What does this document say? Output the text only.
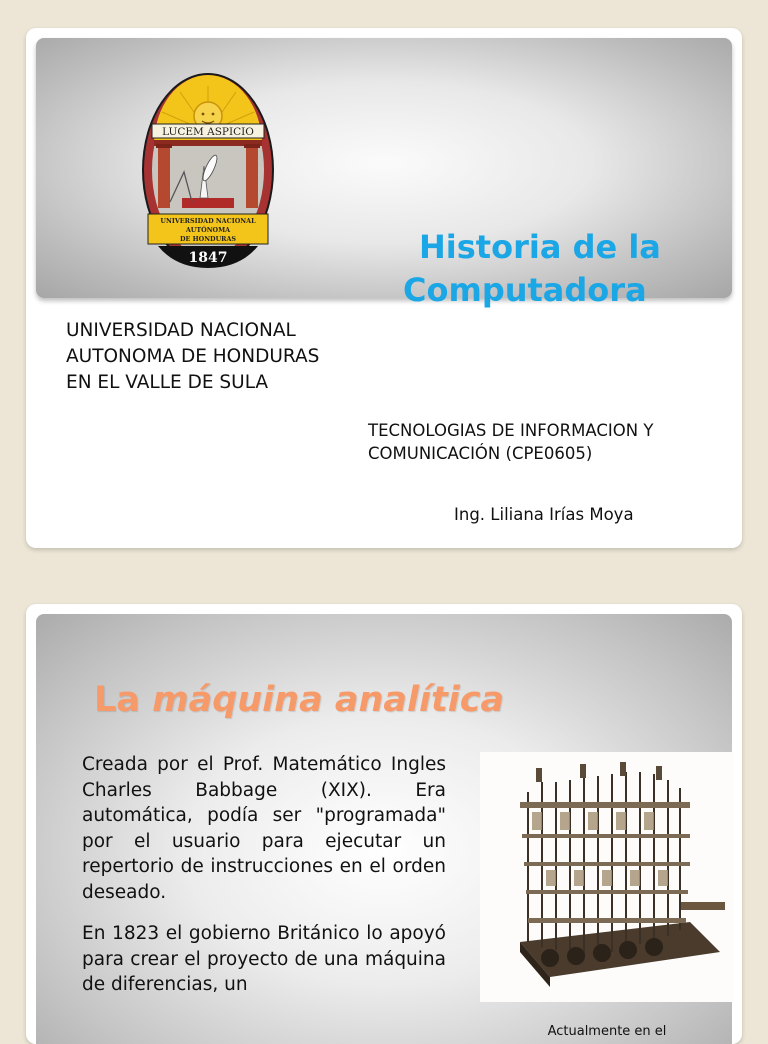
LUCEM ASPICIO
UNIVERSIDAD NACIONAL
AUTÓNOMA
DE HONDURAS
1847	Historia de la
Computadora
UNIVERSIDAD NACIONAL
AUTONOMA DE HONDURAS
EN EL VALLE DE SULA
TECNOLOGIAS DE INFORMACION Y
COMUNICACIÓN (CPE0605)
Ing. Liliana Irías Moya
La máquina analítica

Creada por el Prof. Matemático Ingles Charles Babbage (XIX). Era automática, podía ser "programada" por el usuario para ejecutar un repertorio de instrucciones en el orden deseado.

En 1823 el gobierno Británico lo apoyó para crear el proyecto de una máquina de diferencias, un

Actualmente en el
